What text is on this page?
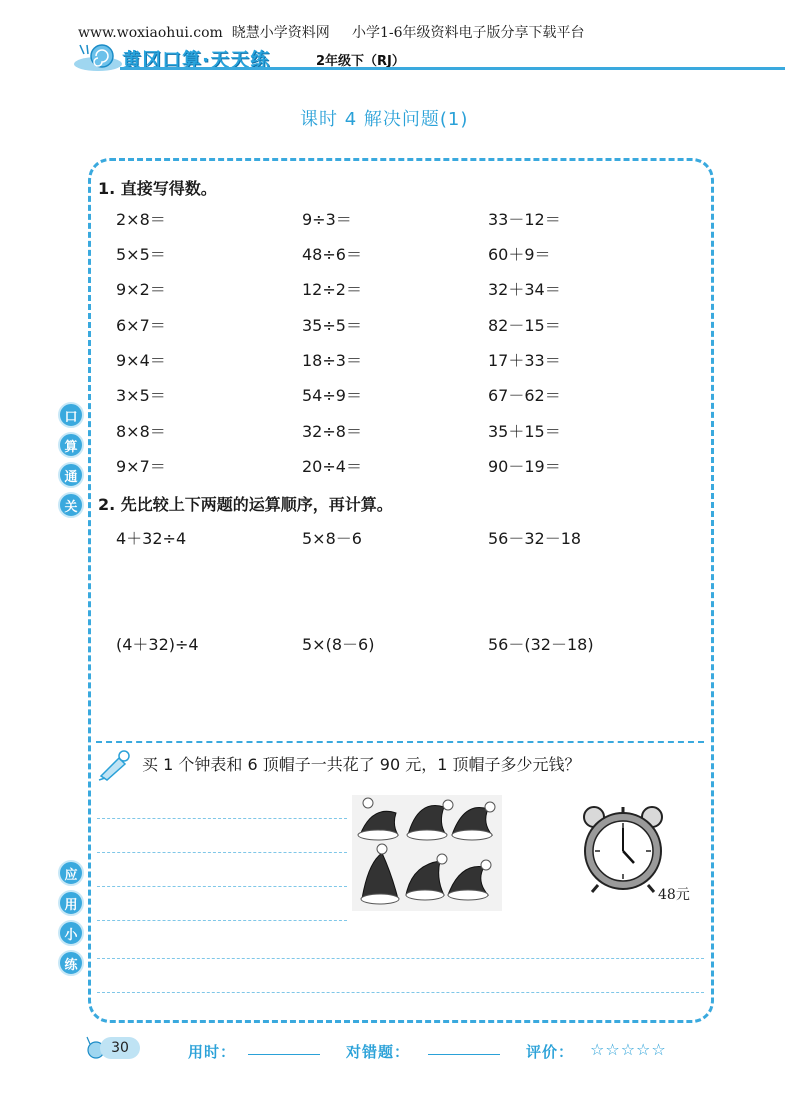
www.woxiaohui.com  晓慧小学资料网     小学1-6年级资料电子版分享下载平台
黄冈口算·天天练	2年级下（RJ）
课时 4 解决问题(1)
口
算
通
关
应
用
小
练
1. 直接写得数。
2×8＝	9÷3＝	33－12＝
5×5＝	48÷6＝	60＋9＝
9×2＝	12÷2＝	32＋34＝
6×7＝	35÷5＝	82－15＝
9×4＝	18÷3＝	17＋33＝
3×5＝	54÷9＝	67－62＝
8×8＝	32÷8＝	35＋15＝
9×7＝	20÷4＝	90－19＝
2. 先比较上下两题的运算顺序，再计算。
4＋32÷4	5×8－6	56－32－18
(4＋32)÷4	5×(8－6)	56－(32－18)
买 1 个钟表和 6 顶帽子一共花了 90 元，1 顶帽子多少元钱？
48元
30	用时：	对错题：	评价： ☆☆☆☆☆
